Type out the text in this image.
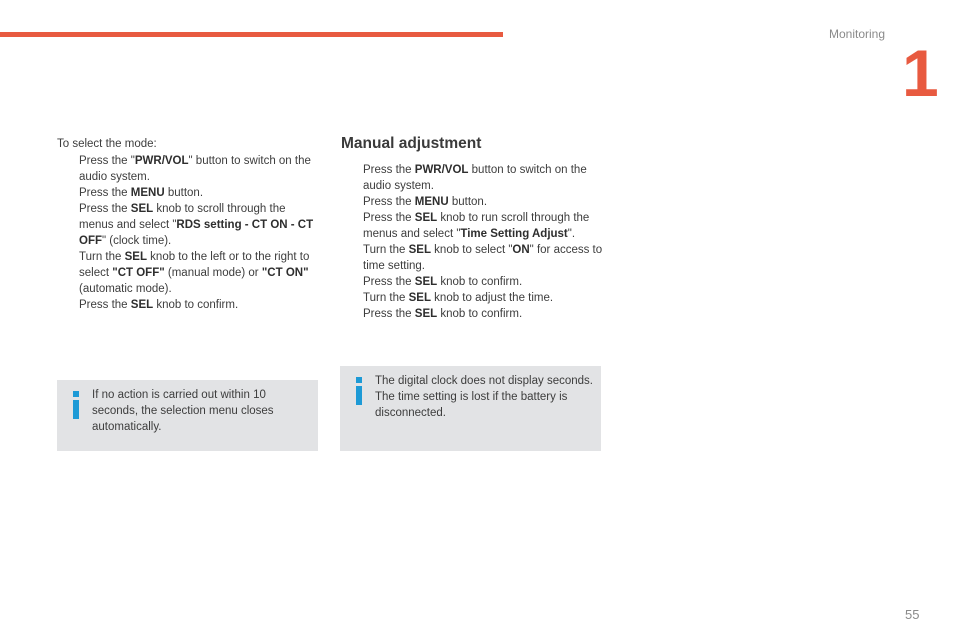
Monitoring
1

To select the mode:

Press the "PWR/VOL" button to switch on the audio system.
Press the MENU button.
Press the SEL knob to scroll through the menus and select "RDS setting - CT ON - CT OFF" (clock time).
Turn the SEL knob to the left or to the right to select "CT OFF" (manual mode) or "CT ON" (automatic mode).
Press the SEL knob to confirm.
Manual adjustment
Press the PWR/VOL button to switch on the audio system.
Press the MENU button.
Press the SEL knob to run scroll through the menus and select "Time Setting Adjust".
Turn the SEL knob to select "ON" for access to time setting.
Press the SEL knob to confirm.
Turn the SEL knob to adjust the time.
Press the SEL knob to confirm.
If no action is carried out within 10 seconds, the selection menu closes automatically.
The digital clock does not display seconds.
The time setting is lost if the battery is disconnected.
55
